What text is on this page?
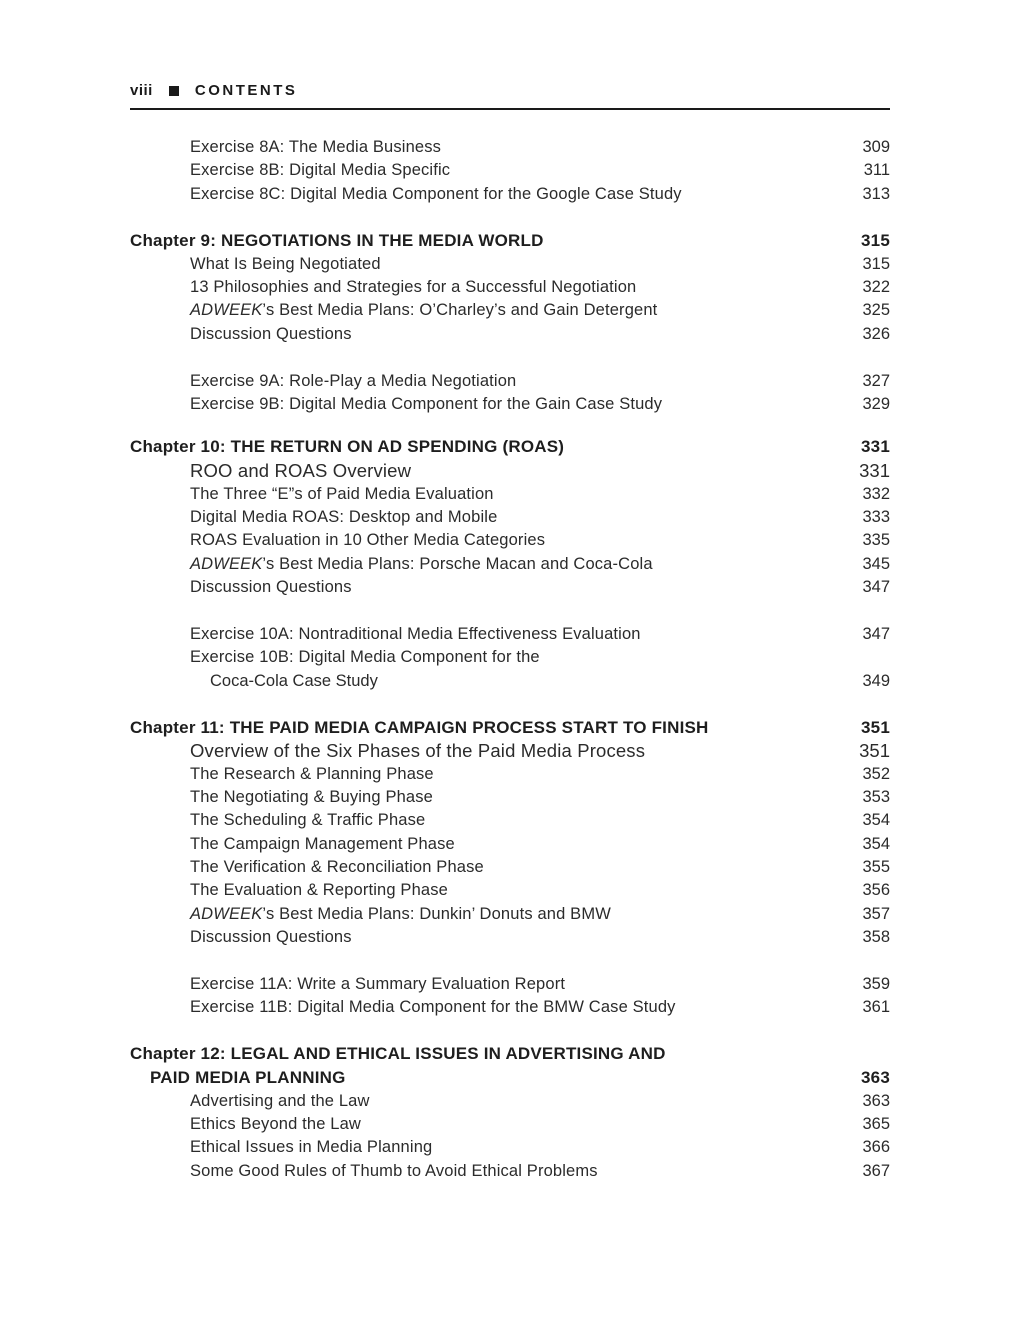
viii	CONTENTS
Exercise 8A: The Media Business	309
Exercise 8B: Digital Media Specific	311
Exercise 8C: Digital Media Component for the Google Case Study	313
Chapter 9: NEGOTIATIONS IN THE MEDIA WORLD	315
What Is Being Negotiated	315
13 Philosophies and Strategies for a Successful Negotiation	322
ADWEEK’s Best Media Plans: O’Charley’s and Gain Detergent	325
Discussion Questions	326
Exercise 9A: Role-Play a Media Negotiation	327
Exercise 9B: Digital Media Component for the Gain Case Study	329
Chapter 10: THE RETURN ON AD SPENDING (ROAS)	331
ROO and ROAS Overview	331
The Three “E”s of Paid Media Evaluation	332
Digital Media ROAS: Desktop and Mobile	333
ROAS Evaluation in 10 Other Media Categories	335
ADWEEK’s Best Media Plans: Porsche Macan and Coca-Cola	345
Discussion Questions	347
Exercise 10A: Nontraditional Media Effectiveness Evaluation	347
Exercise 10B: Digital Media Component for the
Coca-Cola Case Study	349
Chapter 11: THE PAID MEDIA CAMPAIGN PROCESS START TO FINISH	351
Overview of the Six Phases of the Paid Media Process	351
The Research & Planning Phase	352
The Negotiating & Buying Phase	353
The Scheduling & Traffic Phase	354
The Campaign Management Phase	354
The Verification & Reconciliation Phase	355
The Evaluation & Reporting Phase	356
ADWEEK’s Best Media Plans: Dunkin’ Donuts and BMW	357
Discussion Questions	358
Exercise 11A: Write a Summary Evaluation Report	359
Exercise 11B: Digital Media Component for the BMW Case Study	361
Chapter 12: LEGAL AND ETHICAL ISSUES IN ADVERTISING AND
PAID MEDIA PLANNING	363
Advertising and the Law	363
Ethics Beyond the Law	365
Ethical Issues in Media Planning	366
Some Good Rules of Thumb to Avoid Ethical Problems	367
